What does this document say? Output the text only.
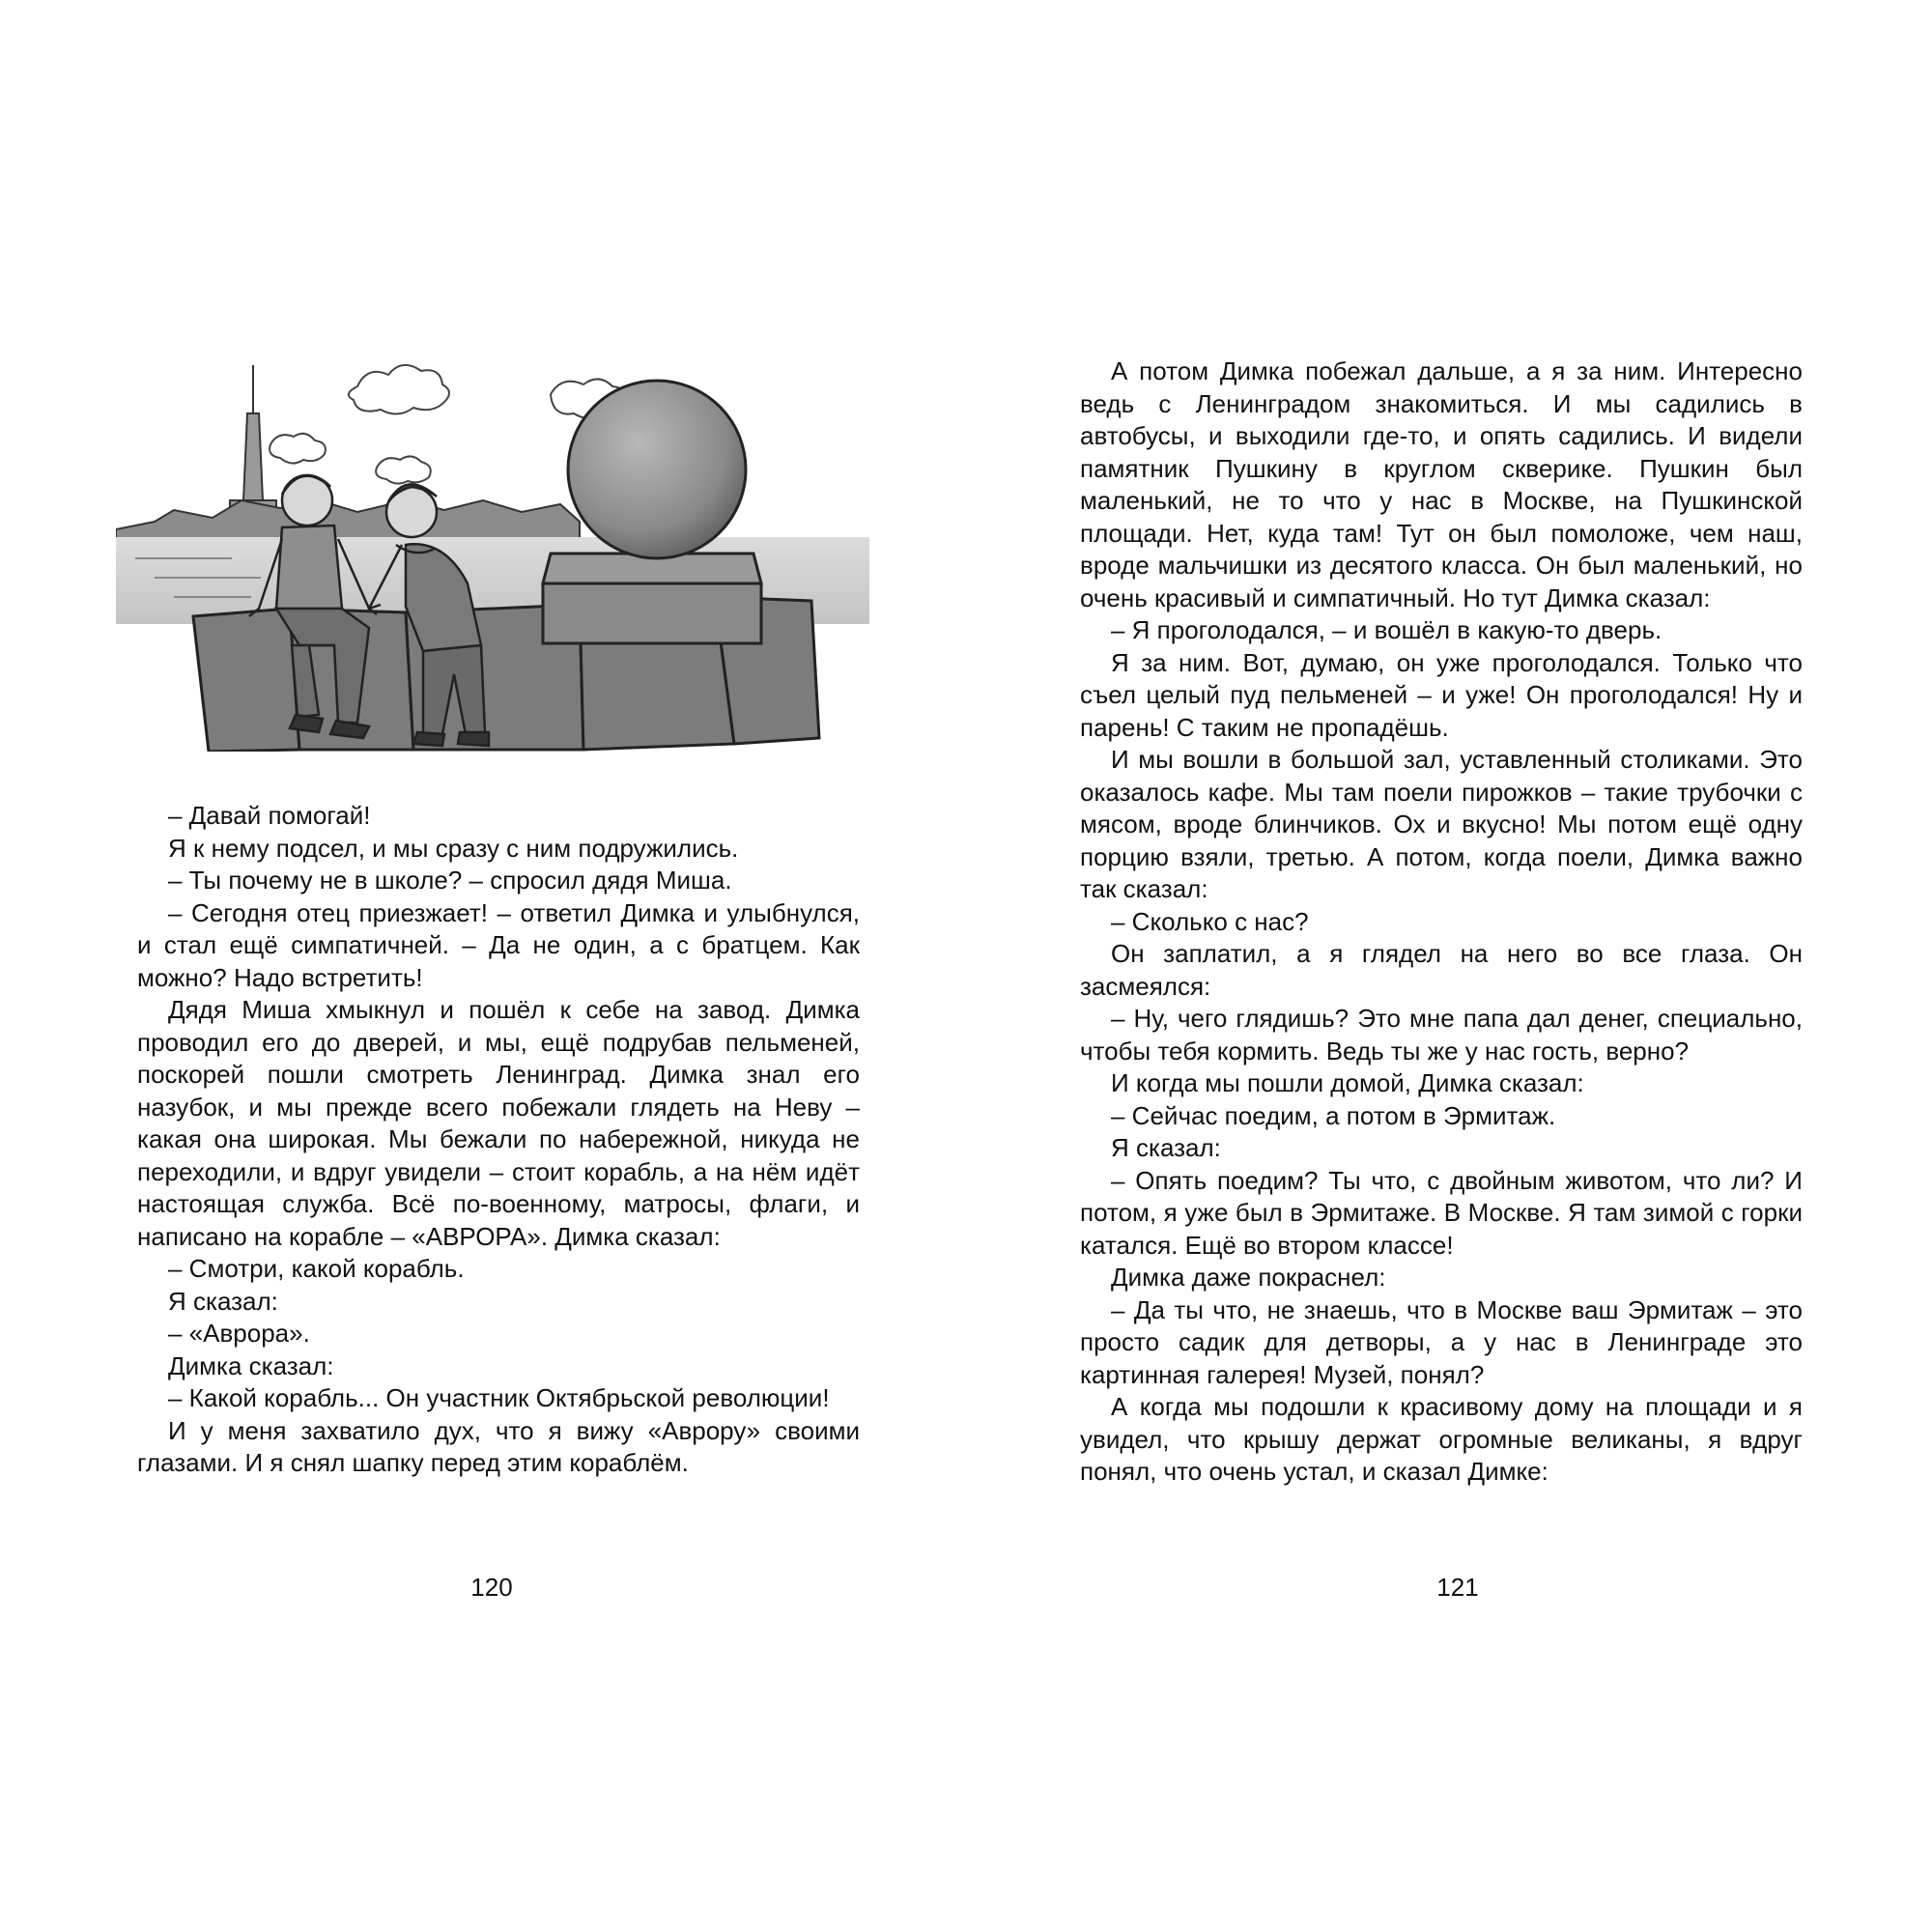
– Давай помогай!

Я к нему подсел, и мы сразу с ним подружились.

– Ты почему не в школе? – спросил дядя Миша.

– Сегодня отец приезжает! – ответил Димка и улыбнулся, и стал ещё симпатичней. – Да не один, а с братцем. Как можно? Надо встретить!

Дядя Миша хмыкнул и пошёл к себе на завод. Димка проводил его до дверей, и мы, ещё подрубав пельменей, поскорей пошли смотреть Ленинград. Димка знал его назубок, и мы прежде всего побежали глядеть на Неву – какая она широкая. Мы бежали по набережной, никуда не переходили, и вдруг увидели – стоит корабль, а на нём идёт настоящая служба. Всё по-военному, матросы, флаги, и написано на корабле – «АВРОРА». Димка сказал:

– Смотри, какой корабль.

Я сказал:

– «Аврора».

Димка сказал:

– Какой корабль... Он участник Октябрьской революции!

И у меня захватило дух, что я вижу «Аврору» своими глазами. И я снял шапку перед этим кораблём.

120

А потом Димка побежал дальше, а я за ним. Интересно ведь с Ленинградом знакомиться. И мы садились в автобусы, и выходили где-то, и опять садились. И видели памятник Пушкину в круглом скверике. Пушкин был маленький, не то что у нас в Москве, на Пушкинской площади. Нет, куда там! Тут он был помоложе, чем наш, вроде мальчишки из десятого класса. Он был маленький, но очень красивый и симпатичный. Но тут Димка сказал:

– Я проголодался, – и вошёл в какую-то дверь.

Я за ним. Вот, думаю, он уже проголодался. Только что съел целый пуд пельменей – и уже! Он проголодался! Ну и парень! С таким не пропадёшь.

И мы вошли в большой зал, уставленный столиками. Это оказалось кафе. Мы там поели пирожков – такие трубочки с мясом, вроде блинчиков. Ох и вкусно! Мы потом ещё одну порцию взяли, третью. А потом, когда поели, Димка важно так сказал:

– Сколько с нас?

Он заплатил, а я глядел на него во все глаза. Он засмеялся:

– Ну, чего глядишь? Это мне папа дал денег, специально, чтобы тебя кормить. Ведь ты же у нас гость, верно?

И когда мы пошли домой, Димка сказал:

– Сейчас поедим, а потом в Эрмитаж.

Я сказал:

– Опять поедим? Ты что, с двойным животом, что ли? И потом, я уже был в Эрмитаже. В Москве. Я там зимой с горки катался. Ещё во втором классе!

Димка даже покраснел:

– Да ты что, не знаешь, что в Москве ваш Эрмитаж – это просто садик для детворы, а у нас в Ленинграде это картинная галерея! Музей, понял?

А когда мы подошли к красивому дому на площади и я увидел, что крышу держат огромные великаны, я вдруг понял, что очень устал, и сказал Димке:

121
